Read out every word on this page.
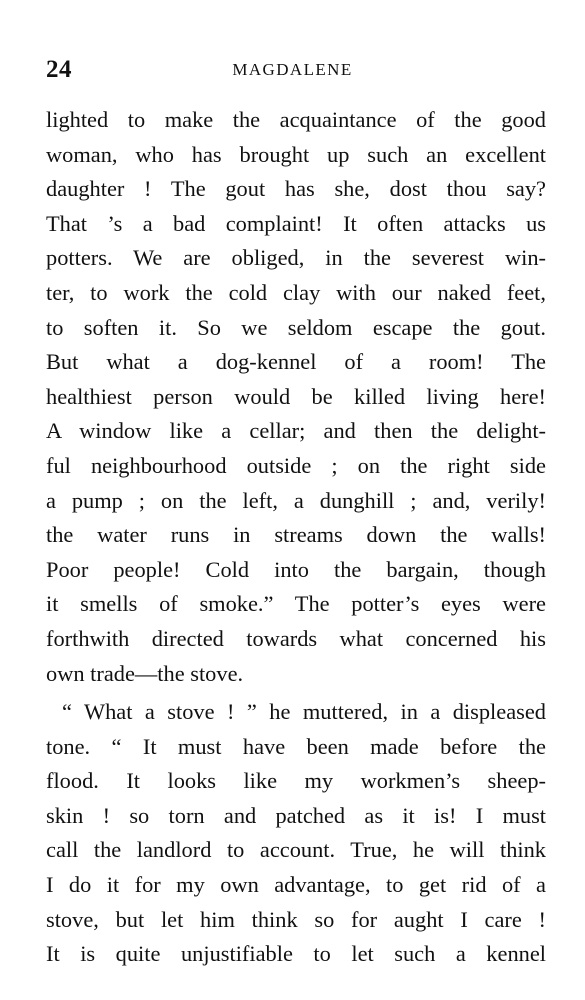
24	MAGDALENE
lighted to make the acquaintance of the good
woman, who has brought up such an excellent
daughter ! The gout has she, dost thou say?
That ’s a bad complaint! It often attacks us
potters. We are obliged, in the severest win-
ter, to work the cold clay with our naked feet,
to soften it. So we seldom escape the gout.
But what a dog-kennel of a room! The
healthiest person would be killed living here!
A window like a cellar; and then the delight-
ful neighbourhood outside ; on the right side
a pump ; on the left, a dunghill ; and, verily!
the water runs in streams down the walls!
Poor people! Cold into the bargain, though
it smells of smoke.” The potter’s eyes were
forthwith directed towards what concerned his
own trade—the stove.
“ What a stove ! ” he muttered, in a displeased
tone. “ It must have been made before the
flood. It looks like my workmen’s sheep-
skin ! so torn and patched as it is! I must
call the landlord to account. True, he will think
I do it for my own advantage, to get rid of a
stove, but let him think so for aught I care !
It is quite unjustifiable to let such a kennel
